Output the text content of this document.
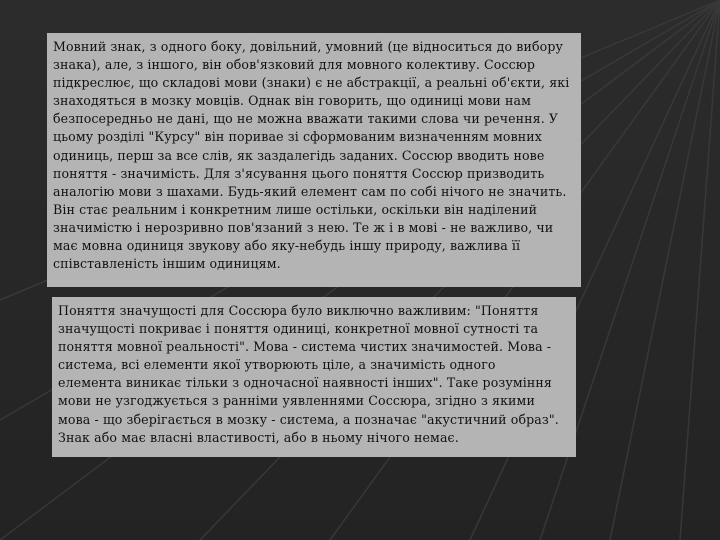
Мовний знак, з одного боку, довільний, умовний (це відноситься до вибору
знака), але, з іншого, він обов'язковий для мовного колективу. Соссюр
підкреслює, що складові мови (знаки) є не абстракції, а реальні об'єкти, які
знаходяться в мозку мовців. Однак він говорить, що одиниці мови нам
безпосередньо не дані, що не можна вважати такими слова чи речення. У
цьому розділі "Курсу" він поривае зі сформованим визначенням мовних
одиниць, перш за все слів, як заздалегідь заданих. Соссюр вводить нове
поняття - значимість. Для з'ясування цього поняття Соссюр призводить
аналогію мови з шахами. Будь-який елемент сам по собі нічого не значить.
Він стає реальним і конкретним лише остільки, оскільки він наділений
значимістю і нерозривно пов'язаний з нею. Те ж і в мові - не важливо, чи
має мовна одиниця звукову або яку-небудь іншу природу, важлива її
співставленість іншим одиницям.

Поняття значущості для Соссюра було виключно важливим: "Поняття
значущості покриває і поняття одиниці, конкретної мовної сутності та
поняття мовної реальності". Мова - система чистих значимостей. Мова -
система, всі елементи якої утворюють ціле, а значимість одного
елемента виникає тільки з одночасної наявності інших". Таке розуміння
мови не узгоджується з ранніми уявленнями Соссюра, згідно з якими
мова - що зберігається в мозку - система, а позначає "акустичний образ".
Знак або має власні властивості, або в ньому нічого немає.
